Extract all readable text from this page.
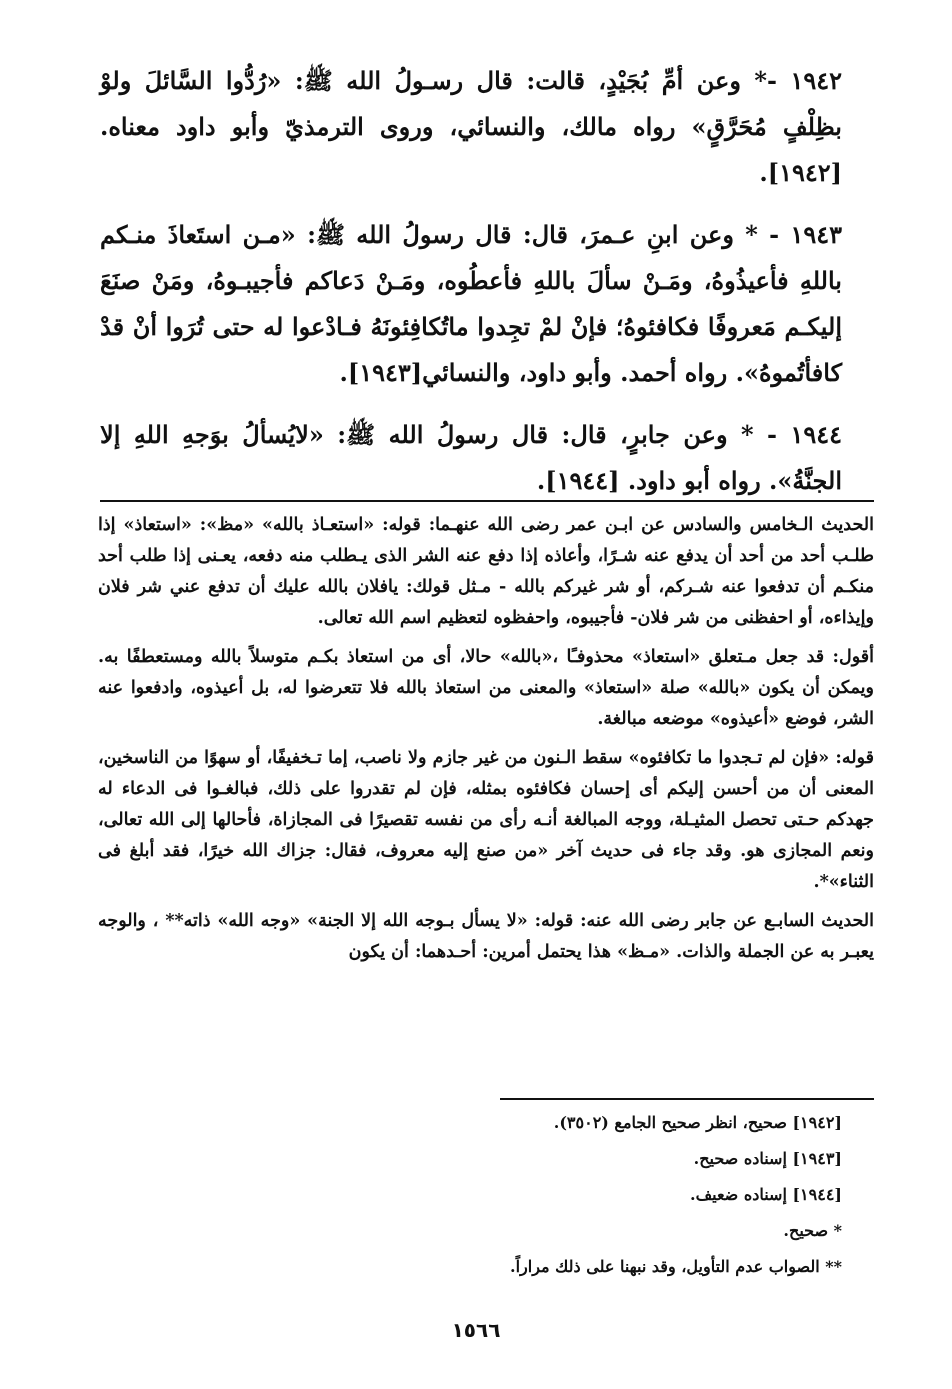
١٩٤٢ -* وعن أمِّ بُجَيْدٍ، قالت: قال رسـولُ الله ﷺ: «رُدُّوا السَّائلَ ولوْ بظِلْفٍ مُحَرَّقٍ» رواه مالك، والنسائي، وروى الترمذيّ وأبو داود معناه. [١٩٤٢].

١٩٤٣ - * وعن ابنِ عـمرَ، قال: قال رسولُ الله ﷺ: «مـن استَعاذَ منـكم باللهِ فأعيذُوهُ، ومَـنْ سألَ باللهِ فأعطُوه، ومَـنْ دَعاكم فأجيبـوهُ، ومَنْ صنَعَ إليكـم مَعروفًا فكافئوهُ؛ فإنْ لمْ تجِدوا ماتُكافِئونَهُ فـادْعوا له حتى تُرَوا أنْ قدْ كافأتُموهُ». رواه أحمد. وأبو داود، والنسائي[١٩٤٣].

١٩٤٤ - * وعن جابرٍ، قال: قال رسولُ الله ﷺ: «لايُسألُ بوَجهِ اللهِ إلا الجنَّةُ». رواه أبو داود. [١٩٤٤].

الحديث الـخامس والسادس عن ابـن عمر رضى الله عنهـما: قوله: «استعـاذ بالله» «مظ»: «استعاذ» إذا طلـب أحد من أحد أن يدفع عنه شـرًا، وأعاذه إذا دفع عنه الشر الذى يـطلب منه دفعه، يعـنى إذا طلب أحد منكـم أن تدفعوا عنه شـركم، أو شر غيركم بالله - مـثل قولك: يافلان بالله عليك أن تدفع عني شر فلان وإيذاءه، أو احفظنى من شر فلان- فأجيبوه، واحفظوه لتعظيم اسم الله تعالى.

أقول: قد جعل مـتعلق «استعاذ» محذوفـًا ،«بالله» حالا، أى من استعاذ بكـم متوسلاً بالله ومستعطفًا به. ويمكن أن يكون «بالله» صلة «استعاذ» والمعنى من استعاذ بالله فلا تتعرضوا له، بل أعيذوه، وادفعوا عنه الشر، فوضع «أعيذوه» موضعه مبالغة.

قوله: «فإن لم تـجدوا ما تكافئوه» سقط الـنون من غير جازم ولا ناصب، إما تـخفيفًا، أو سهوًا من الناسخين، المعنى أن من أحسن إليكم أى إحسان فكافئوه بمثله، فإن لم تقدروا على ذلك، فبالغـوا فى الدعاء له جهدكم حـتى تحصل المثيـلة، ووجه المبالغة أنـه رأى من نفسه تقصيرًا فى المجازاة، فأحالها إلى الله تعالى، ونعم المجازى هو. وقد جاء فى حديث آخر «من صنع إليه معروف، فقال: جزاك الله خيرًا، فقد أبلغ فى الثناء»*.

الحديث السابـع عن جابر رضى الله عنه: قوله: «لا يسأل بـوجه الله إلا الجنة» «وجه الله» ذاته** ، والوجه يعبـر به عن الجملة والذات. «مـظ» هذا يحتمل أمرين: أحـدهما: أن يكون

[١٩٤٢] صحيح، انظر صحيح الجامع (٣٥٠٢).
[١٩٤٣] إسناده صحيح.
[١٩٤٤] إسناده ضعيف.
* صحيح.
** الصواب عدم التأويل، وقد نبهنا على ذلك مراراً.
١٥٦٦
